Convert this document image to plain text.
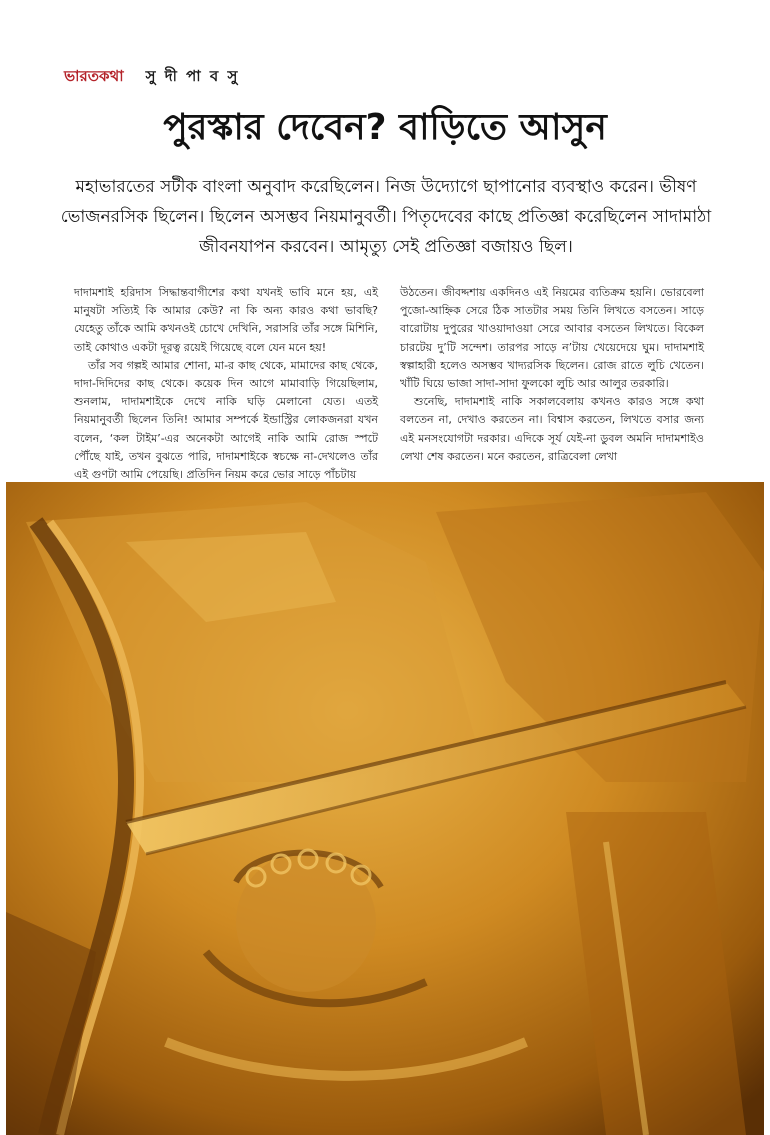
ভারতকথা সু দী পা ব সু
পুরস্কার দেবেন? বাড়িতে আসুন
মহাভারতের সটীক বাংলা অনুবাদ করেছিলেন। নিজ উদ্যোগে ছাপানোর ব্যবস্থাও করেন। ভীষণ ভোজনরসিক ছিলেন। ছিলেন অসম্ভব নিয়মানুবর্তী। পিতৃদেবের কাছে প্রতিজ্ঞা করেছিলেন সাদামাঠা জীবনযাপন করবেন। আমৃত্যু সেই প্রতিজ্ঞা বজায়ও ছিল।

দাদামশাই হরিদাস সিদ্ধান্তবাগীশের কথা যখনই ভাবি মনে হয়, এই মানুষটা সত্যিই কি আমার কেউ? না কি অন্য কারও কথা ভাবছি? যেহেতু তাঁকে আমি কখনওই চোখে দেখিনি, সরাসরি তাঁর সঙ্গে মিশিনি, তাই কোথাও একটা দূরত্ব রয়েই গিয়েছে বলে যেন মনে হয়!

তাঁর সব গল্পই আমার শোনা, মা-র কাছ থেকে, মামাদের কাছ থেকে, দাদা-দিদিদের কাছ থেকে। কয়েক দিন আগে মামাবাড়ি গিয়েছিলাম, শুনলাম, দাদামশাইকে দেখে নাকি ঘড়ি মেলানো যেত। এতই নিয়মানুবর্তী ছিলেন তিনি! আমার সম্পর্কে ইন্ডাস্ট্রির লোকজনরা যখন বলেন, ‘কল টাইম’-এর অনেকটা আগেই নাকি আমি রোজ স্পটে পৌঁছে যাই, তখন বুঝতে পারি, দাদামশাইকে স্বচক্ষে না-দেখলেও তাঁর এই গুণটা আমি পেয়েছি। প্রতিদিন নিয়ম করে ভোর সাড়ে পাঁচটায়

উঠতেন। জীবদ্দশায় একদিনও এই নিয়মের ব্যতিক্রম হয়নি। ভোরবেলা পুজো-আহ্নিক সেরে ঠিক সাতটার সময় তিনি লিখতে বসতেন। সাড়ে বারোটায় দুপুরের খাওয়াদাওয়া সেরে আবার বসতেন লিখতে। বিকেল চারটেয় দু’টি সন্দেশ। তারপর সাড়ে ন’টায় খেয়েদেয়ে ঘুম। দাদামশাই স্বল্পাহারী হলেও অসম্ভব খাদ্যরসিক ছিলেন। রোজ রাতে লুচি খেতেন। খাঁটি ঘিয়ে ভাজা সাদা-সাদা ফুলকো লুচি আর আলুর তরকারি।

শুনেছি, দাদামশাই নাকি সকালবেলায় কখনও কারও সঙ্গে কথা বলতেন না, দেখাও করতেন না। বিশ্বাস করতেন, লিখতে বসার জন্য এই মনসংযোগটা দরকার। এদিকে সূর্য যেই-না ডুবল অমনি দাদামশাইও লেখা শেষ করতেন। মনে করতেন, রাত্রিবেলা লেখা
